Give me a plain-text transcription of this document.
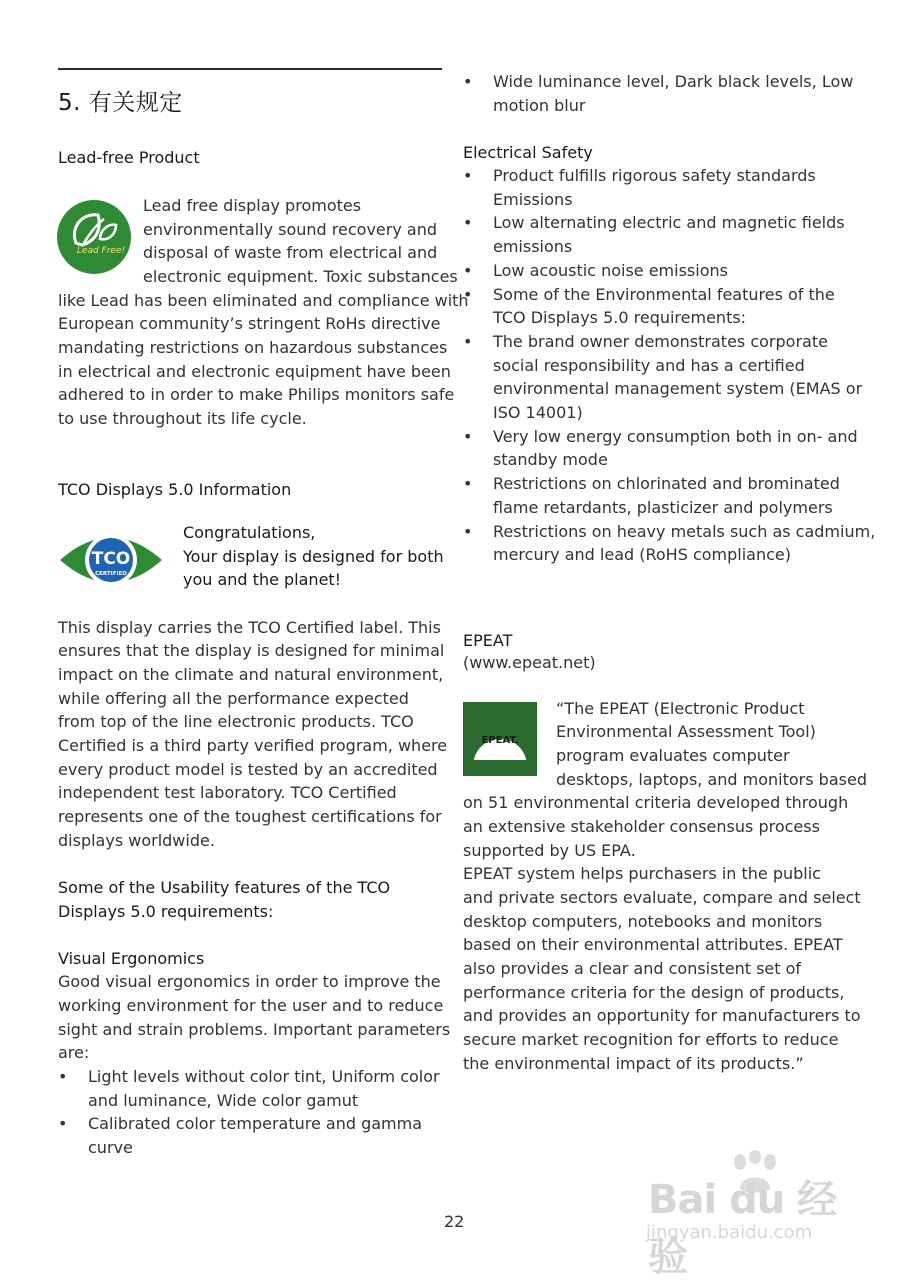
5. 有关规定
Lead-free Product
Lead Free!
Lead free display promotes
environmentally sound recovery and
disposal of waste from electrical and
electronic equipment. Toxic substances
like Lead has been eliminated and compliance with
European community’s stringent RoHs directive
mandating restrictions on hazardous substances
in electrical and electronic equipment have been
adhered to in order to make Philips monitors safe
to use throughout its life cycle.
TCO Displays 5.0 Information
TCO
CERTIFIED
Congratulations,
Your display is designed for both
you and the planet!
This display carries the TCO Certified label. This
ensures that the display is designed for minimal
impact on the climate and natural environment,
while offering all the performance expected
from top of the line electronic products. TCO
Certified is a third party verified program, where
every product model is tested by an accredited
independent test laboratory. TCO Certified
represents one of the toughest certifications for
displays worldwide.
Some of the Usability features of the TCO
Displays 5.0 requirements:
Visual Ergonomics
Good visual ergonomics in order to improve the
working environment for the user and to reduce
sight and strain problems. Important parameters
are:
• Light levels without color tint, Uniform color
and luminance, Wide color gamut
• Calibrated color temperature and gamma
curve
• Wide luminance level, Dark black levels, Low
motion blur
Electrical Safety
• Product fulfills rigorous safety standards
Emissions
• Low alternating electric and magnetic fields
emissions
• Low acoustic noise emissions
• Some of the Environmental features of the
TCO Displays 5.0 requirements:
• The brand owner demonstrates corporate
social responsibility and has a certified
environmental management system (EMAS or
ISO 14001)
• Very low energy consumption both in on- and
standby mode
• Restrictions on chlorinated and brominated
flame retardants, plasticizer and polymers
• Restrictions on heavy metals such as cadmium,
mercury and lead (RoHS compliance)
EPEAT
(www.epeat.net)
EPEAT.
“The EPEAT (Electronic Product
Environmental Assessment Tool)
program evaluates computer
desktops, laptops, and monitors based
on 51 environmental criteria developed through
an extensive stakeholder consensus process
supported by US EPA.
EPEAT system helps purchasers in the public
and private sectors evaluate, compare and select
desktop computers, notebooks and monitors
based on their environmental attributes. EPEAT
also provides a clear and consistent set of
performance criteria for the design of products,
and provides an opportunity for manufacturers to
secure market recognition for efforts to reduce
the environmental impact of its products.”
22	Bai du 经验
jingyan.baidu.com
